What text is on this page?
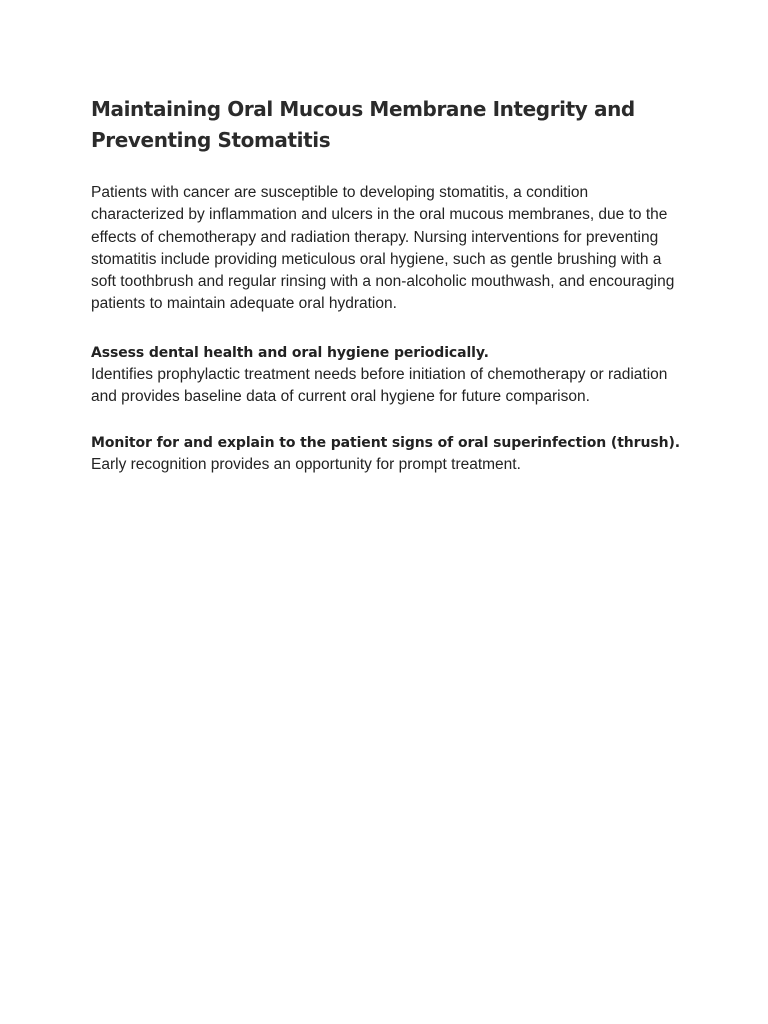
Maintaining Oral Mucous Membrane Integrity and Preventing Stomatitis

Patients with cancer are susceptible to developing stomatitis, a condition characterized by inflammation and ulcers in the oral mucous membranes, due to the effects of chemotherapy and radiation therapy. Nursing interventions for preventing stomatitis include providing meticulous oral hygiene, such as gentle brushing with a soft toothbrush and regular rinsing with a non-alcoholic mouthwash, and encouraging patients to maintain adequate oral hydration.

Assess dental health and oral hygiene periodically.

Identifies prophylactic treatment needs before initiation of chemotherapy or radiation and provides baseline data of current oral hygiene for future comparison.

Monitor for and explain to the patient signs of oral superinfection (thrush).

Early recognition provides an opportunity for prompt treatment.
